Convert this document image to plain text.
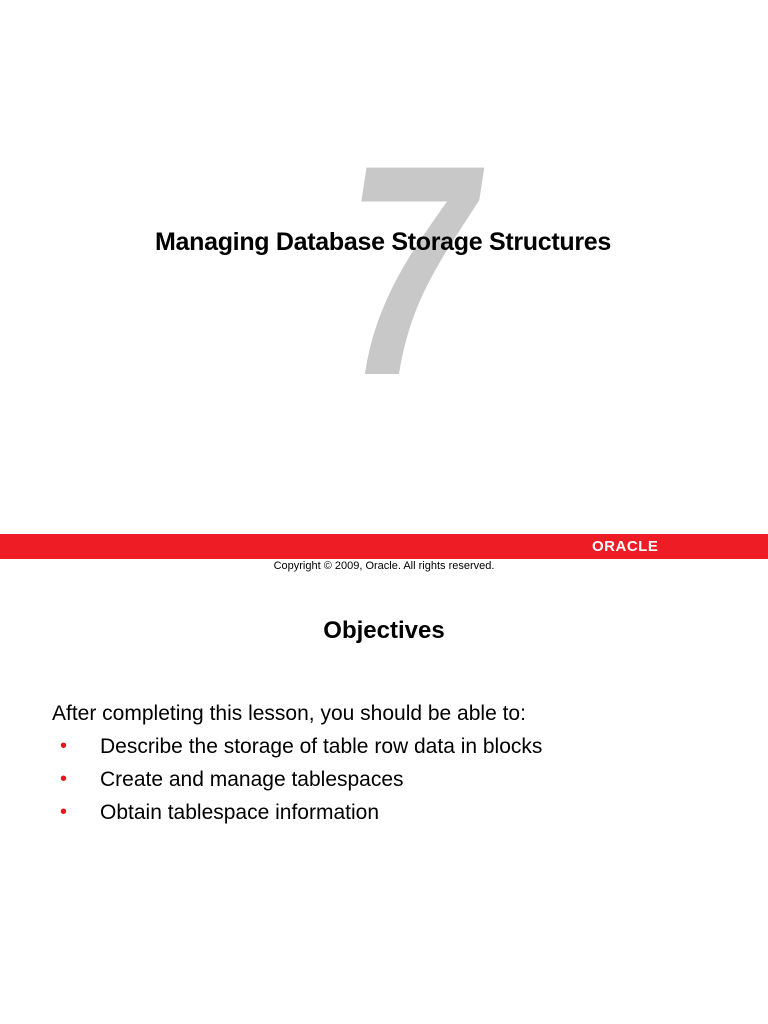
7
Managing Database Storage Structures
ORACLE
Copyright © 2009, Oracle. All rights reserved.
Objectives
After completing this lesson, you should be able to:
•	Describe the storage of table row data in blocks
•	Create and manage tablespaces
•	Obtain tablespace information
